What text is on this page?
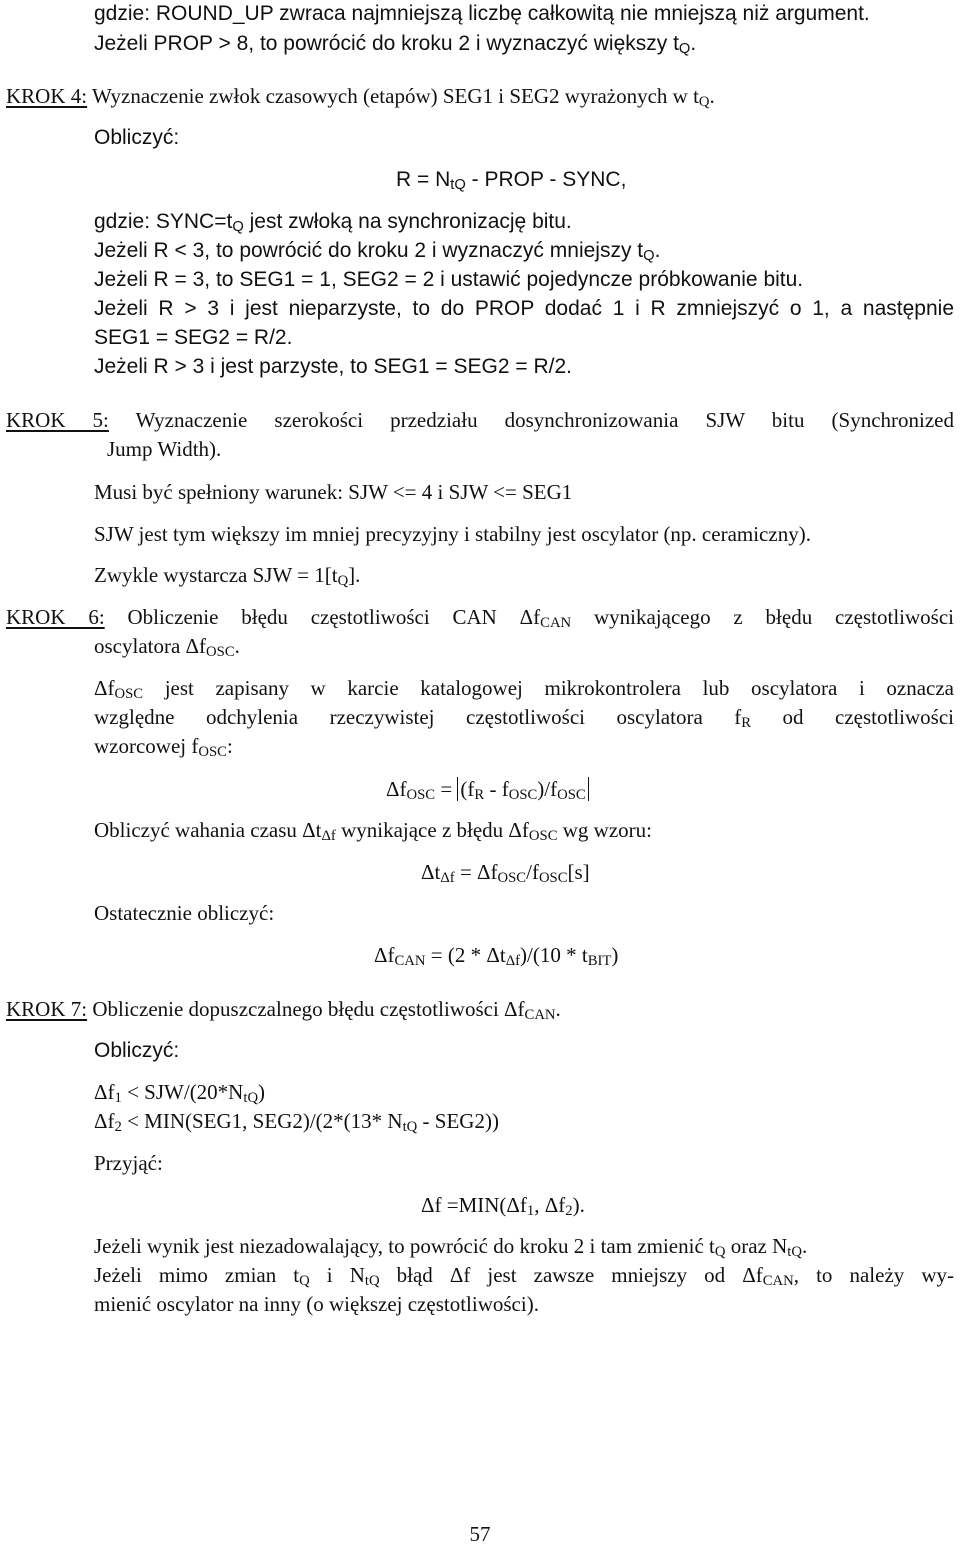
gdzie: ROUND_UP zwraca najmniejszą liczbę całkowitą nie mniejszą niż argument.
Jeżeli PROP > 8, to powrócić do kroku 2 i wyznaczyć większy $t_Q$.
KROK 4: Wyznaczenie zwłok czasowych (etapów) SEG1 i SEG2 wyrażonych w $t_Q$.
Obliczyć:
$R = N_{tQ}$ - PROP - SYNC,
gdzie: $SYNC=t_Q$ jest zwłoką na synchronizację bitu.
Jeżeli R < 3, to powrócić do kroku 2 i wyznaczyć mniejszy $t_Q$.
Jeżeli R = 3, to SEG1 = 1, SEG2 = 2 i ustawić pojedyncze próbkowanie bitu.
Jeżeli R > 3 i jest nieparzyste, to do PROP dodać 1 i R zmniejszyć o 1, a następnie
SEG1 = SEG2 = R/2.
Jeżeli R > 3 i jest parzyste, to SEG1 = SEG2 = R/2.
KROK 5: Wyznaczenie szerokości przedziału dosynchronizowania SJW bitu (Synchronized
Jump Width).
Musi być spełniony warunek: SJW <= 4 i SJW <= SEG1
SJW jest tym większy im mniej precyzyjny i stabilny jest oscylator (np. ceramiczny).
Zwykle wystarcza SJW = $1[t_Q]$.
KROK 6: Obliczenie błędu częstotliwości CAN $\Delta f_{CAN}$ wynikającego z błędu częstotliwości
oscylatora $\Delta f_{OSC}$.
$\Delta f_{OSC}$ jest zapisany w karcie katalogowej mikrokontrolera lub oscylatora i oznacza
względne odchylenia rzeczywistej częstotliwości oscylatora $f_R$ od częstotliwości
wzorcowej $f_{OSC}$:
$\Delta f_{OSC} = (f_R - f_{OSC})/f_{OSC}$
Obliczyć wahania czasu $\Delta t_{\Delta f}$ wynikające z błędu $\Delta f_{OSC}$ wg wzoru:
$\Delta t_{\Delta f} = \Delta f_{OSC}/f_{OSC}[s]$
Ostatecznie obliczyć:
$\Delta f_{CAN} = (2 * \Delta t_{\Delta f})/(10 * t_{BIT})$
KROK 7: Obliczenie dopuszczalnego błędu częstotliwości $\Delta f_{CAN}$.
Obliczyć:
$\Delta f_1 < SJW/(20*N_{tQ})$
$\Delta f_2 < MIN(SEG1$, SEG2)/(2*(13* $N_{tQ} - SEG2$))
Przyjąć:
$\Delta f =MIN(\Delta f_1$, $\Delta f_2$).
Jeżeli wynik jest niezadowalający, to powrócić do kroku 2 i tam zmienić $t_Q$ oraz $N_{tQ}$.
Jeżeli mimo zmian $t_Q$ i $N_{tQ}$ błąd Δf jest zawsze mniejszy od $\Delta f_{CAN}$, to należy wy-
mienić oscylator na inny (o większej częstotliwości).
57
